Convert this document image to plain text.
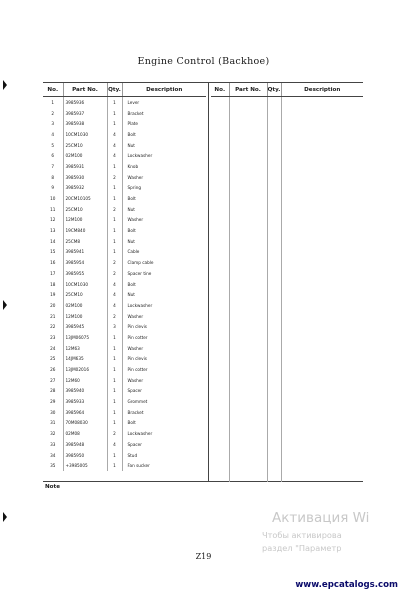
Engine Control (Backhoe)
No.	Part No.	Qty.	Description
1	3985936	1	Lever
2	3985937	1	Bracket
3	3985938	1	Plate
4	10CM1030	4	Bolt
5	25CM10	4	Nut
6	02M100	4	Lockwasher
7	3985931	1	Knob
8	3985930	2	Washer
9	3985932	1	Spring
10	20CM10105	1	Bolt
11	25CM10	2	Nut
12	12M100	1	Washer
13	19CM840	1	Bolt
14	25CM8	1	Nut
15	3985941	1	Cable
16	3985954	2	Clamp cable
17	3985955	2	Spacer tine
18	10CM1030	4	Bolt
19	25CM10	4	Nut
20	02M100	4	Lockwasher
21	12M100	2	Washer
22	3985945	3	Pin clevis
23	13JM06075	1	Pin cotter
24	12M63	1	Washer
25	14JM635	1	Pin clevis
26	13JM02016	1	Pin cotter
27	12M60	1	Washer
28	3985940	1	Spacer
29	3985933	1	Grommet
30	3985964	1	Bracket
31	70M08030	1	Bolt
32	02M08	2	Lockwasher
33	3985948	4	Spacer
34	3985950	1	Stud
35	+3985005	1	Fan sucker
No.	Part No.	Qty.	Description

Note
Активация Wi
Чтобы активирова
раздел "Параметр
Z19
www.epcatalogs.com
